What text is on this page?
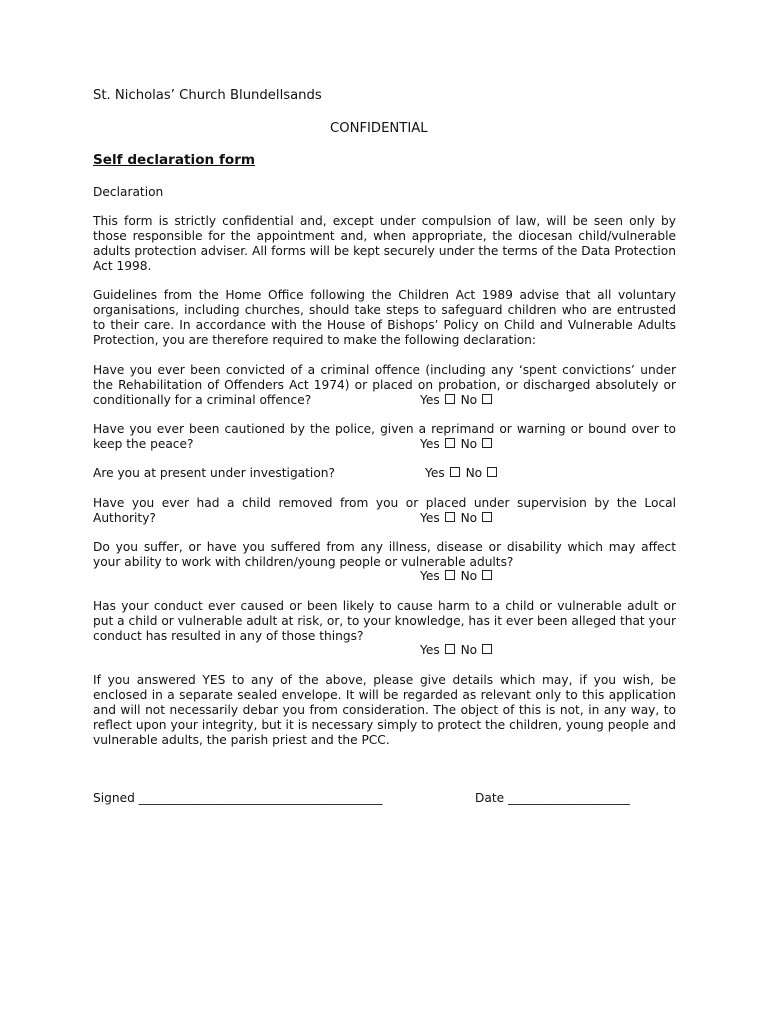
St. Nicholas’ Church Blundellsands
CONFIDENTIAL
Self declaration form
Declaration
This form is strictly confidential and, except under compulsion of law, will be seen only by those responsible for the appointment and, when appropriate, the diocesan child/vulnerable adults protection adviser. All forms will be kept securely under the terms of the Data Protection Act 1998.
Guidelines from the Home Office following the Children Act 1989 advise that all voluntary organisations, including churches, should take steps to safeguard children who are entrusted to their care. In accordance with the House of Bishops’ Policy on Child and Vulnerable Adults Protection, you are therefore required to make the following declaration:
Have you ever been convicted of a criminal offence (including any ‘spent convictions’ under the Rehabilitation of Offenders Act 1974) or placed on probation, or discharged absolutely or conditionally for a criminal offence?	Yes No
Have you ever been cautioned by the police, given a reprimand or warning or bound over to keep the peace?	Yes No
Are you at present under investigation?	Yes No
Have you ever had a child removed from you or placed under supervision by the Local Authority?	Yes No
Do you suffer, or have you suffered from any illness, disease or disability which may affect your ability to work with children/young people or vulnerable adults?
Yes No
Has your conduct ever caused or been likely to cause harm to a child or vulnerable adult or put a child or vulnerable adult at risk, or, to your knowledge, has it ever been alleged that your conduct has resulted in any of those things?
Yes No
If you answered YES to any of the above, please give details which may, if you wish, be enclosed in a separate sealed envelope. It will be regarded as relevant only to this application and will not necessarily debar you from consideration. The object of this is not, in any way, to reflect upon your integrity, but it is necessary simply to protect the children, young people and vulnerable adults, the parish priest and the PCC.
Signed ________________________________________	Date ____________________
